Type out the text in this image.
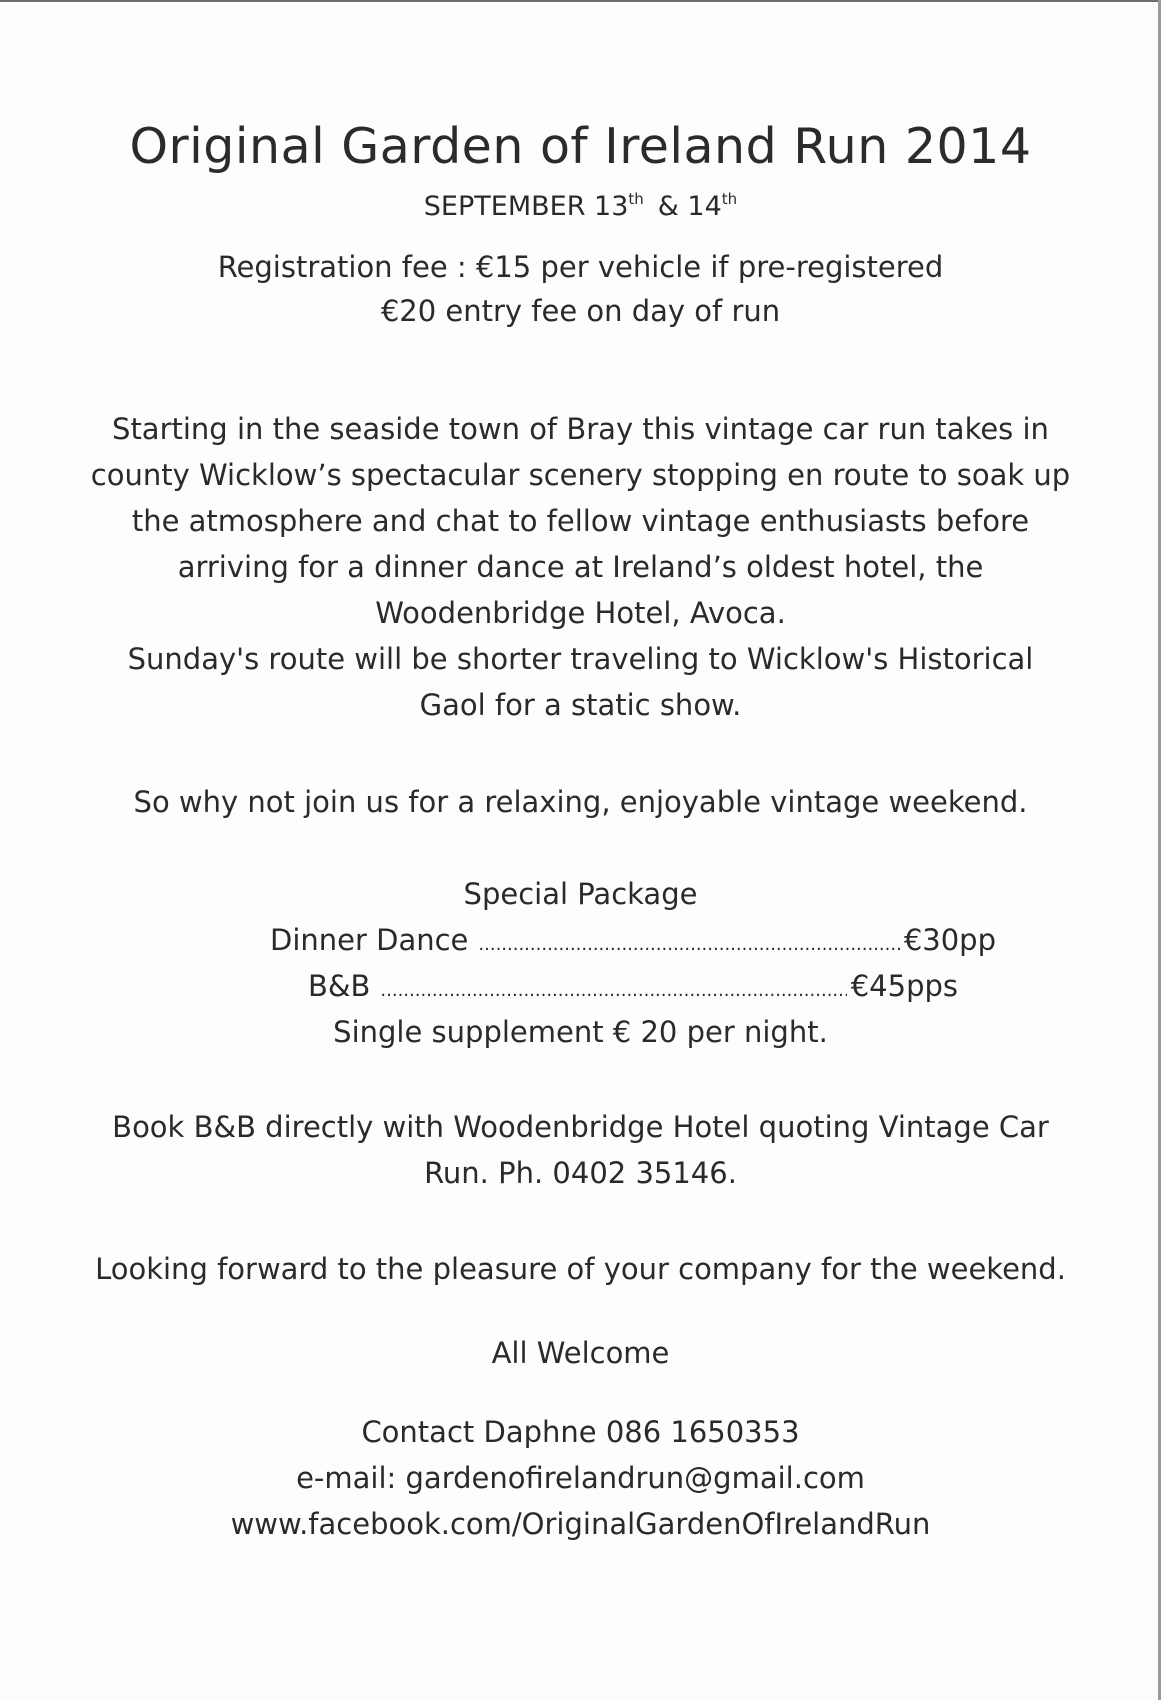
Original Garden of Ireland Run 2014
SEPTEMBER 13th & 14th
Registration fee : €15 per vehicle if pre-registered
€20 entry fee on day of run
Starting in the seaside town of Bray this vintage car run takes in
county Wicklow’s spectacular scenery stopping en route to soak up
the atmosphere and chat to fellow vintage enthusiasts before
arriving for a dinner dance at Ireland’s oldest hotel, the
Woodenbridge Hotel, Avoca.
Sunday's route will be shorter traveling to Wicklow's Historical
Gaol for a static show.
So why not join us for a relaxing, enjoyable vintage weekend.
Special Package
Dinner Dance .....	€30pp
B&B .....	€45pps
Single supplement € 20 per night.
Book B&B directly with Woodenbridge Hotel quoting Vintage Car
Run. Ph. 0402 35146.
Looking forward to the pleasure of your company for the weekend.
All Welcome
Contact Daphne 086 1650353
e-mail: gardenofirelandrun@gmail.com
www.facebook.com/OriginalGardenOfIrelandRun
